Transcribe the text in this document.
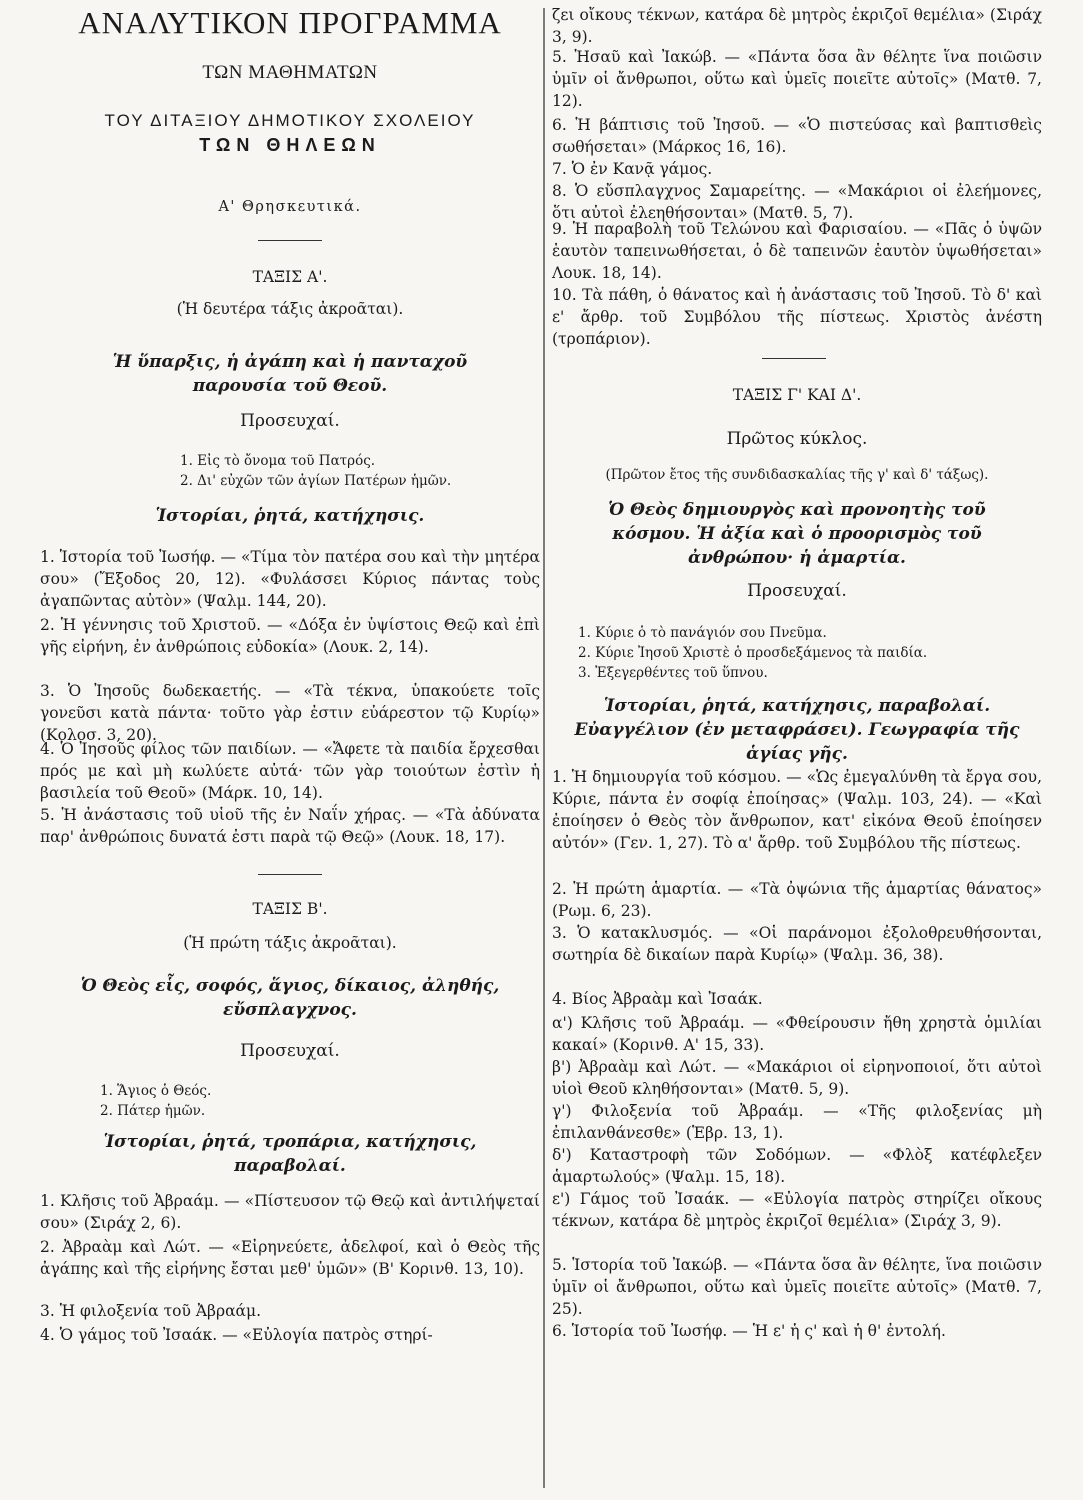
ΑΝΑΛΥΤΙΚΟΝ ΠΡΟΓΡΑΜΜΑ

ΤΩΝ ΜΑΘΗΜΑΤΩΝ

ΤΟΥ ΔΙΤΑΞΙΟΥ ΔΗΜΟΤΙΚΟΥ ΣΧΟΛΕΙΟΥ

ΤΩΝ ΘΗΛΕΩΝ

Α' Θρησκευτικά.

ΤΑΞΙΣ Α'.

(Ἡ δευτέρα τάξις ἀκροᾶται).

Ἡ ὕπαρξις, ἡ ἀγάπη καὶ ἡ πανταχοῦ παρουσία τοῦ Θεοῦ.

Προσευχαί.

1. Εἰς τὸ ὄνομα τοῦ Πατρός.

2. Δι' εὐχῶν τῶν ἁγίων Πατέρων ἡμῶν.

Ἱστορίαι, ῥητά, κατήχησις.

1. Ἱστορία τοῦ Ἰωσήφ. — «Τίμα τὸν πατέρα σου καὶ τὴν μητέρα σου» (Ἔξοδος 20, 12). «Φυλάσσει Κύριος πάντας τοὺς ἀγαπῶντας αὐτὸν» (Ψαλμ. 144, 20).

2. Ἡ γέννησις τοῦ Χριστοῦ. — «Δόξα ἐν ὑψίστοις Θεῷ καὶ ἐπὶ γῆς εἰρήνη, ἐν ἀνθρώποις εὐδοκία» (Λουκ. 2, 14).

3. Ὁ Ἰησοῦς δωδεκαετής. — «Τὰ τέκνα, ὑπακούετε τοῖς γονεῦσι κατὰ πάντα· τοῦτο γὰρ ἐστιν εὐάρεστον τῷ Κυρίῳ» (Κολοσ. 3, 20).

4. Ὁ Ἰησοῦς φίλος τῶν παιδίων. — «Ἄφετε τὰ παιδία ἔρχεσθαι πρός με καὶ μὴ κωλύετε αὐτά· τῶν γὰρ τοιούτων ἐστὶν ἡ βασιλεία τοῦ Θεοῦ» (Μάρκ. 10, 14).

5. Ἡ ἀνάστασις τοῦ υἱοῦ τῆς ἐν Ναΐν χήρας. — «Τὰ ἀδύνατα παρ' ἀνθρώποις δυνατά ἐστι παρὰ τῷ Θεῷ» (Λουκ. 18, 17).

ΤΑΞΙΣ Β'.

(Ἡ πρώτη τάξις ἀκροᾶται).

Ὁ Θεὸς εἷς, σοφός, ἅγιος, δίκαιος, ἀληθής, εὔσπλαγχνος.

Προσευχαί.

1. Ἅγιος ὁ Θεός.

2. Πάτερ ἡμῶν.

Ἱστορίαι, ῥητά, τροπάρια, κατήχησις, παραβολαί.

1. Κλῆσις τοῦ Ἀβραάμ. — «Πίστευσον τῷ Θεῷ καὶ ἀντιλήψεταί σου» (Σιράχ 2, 6).

2. Ἀβραὰμ καὶ Λώτ. — «Εἰρηνεύετε, ἀδελφοί, καὶ ὁ Θεὸς τῆς ἀγάπης καὶ τῆς εἰρήνης ἔσται μεθ' ὑμῶν» (Β' Κορινθ. 13, 10).

3. Ἡ φιλοξενία τοῦ Ἀβραάμ.

4. Ὁ γάμος τοῦ Ἰσαάκ. — «Εὐλογία πατρὸς στηρί-

ζει οἴκους τέκνων, κατάρα δὲ μητρὸς ἐκριζοῖ θεμέλια» (Σιράχ 3, 9).

5. Ἡσαῦ καὶ Ἰακώβ. — «Πάντα ὅσα ἂν θέλητε ἵνα ποιῶσιν ὑμῖν οἱ ἄνθρωποι, οὕτω καὶ ὑμεῖς ποιεῖτε αὐτοῖς» (Ματθ. 7, 12).

6. Ἡ βάπτισις τοῦ Ἰησοῦ. — «Ὁ πιστεύσας καὶ βαπτισθεὶς σωθήσεται» (Μάρκος 16, 16).

7. Ὁ ἐν Κανᾷ γάμος.

8. Ὁ εὔσπλαγχνος Σαμαρείτης. — «Μακάριοι οἱ ἐλεήμονες, ὅτι αὐτοὶ ἐλεηθήσονται» (Ματθ. 5, 7).

9. Ἡ παραβολὴ τοῦ Τελώνου καὶ Φαρισαίου. — «Πᾶς ὁ ὑψῶν ἑαυτὸν ταπεινωθήσεται, ὁ δὲ ταπεινῶν ἑαυτὸν ὑψωθήσεται» Λουκ. 18, 14).

10. Τὰ πάθη, ὁ θάνατος καὶ ἡ ἀνάστασις τοῦ Ἰησοῦ. Τὸ δ' καὶ ε' ἄρθρ. τοῦ Συμβόλου τῆς πίστεως. Χριστὸς ἀνέστη (τροπάριον).

ΤΑΞΙΣ Γ' ΚΑΙ Δ'.

Πρῶτος κύκλος.

(Πρῶτον ἔτος τῆς συνδιδασκαλίας τῆς γ' καὶ δ' τάξως).

Ὁ Θεὸς δημιουργὸς καὶ προνοητὴς τοῦ κόσμου. Ἡ ἀξία καὶ ὁ προορισμὸς τοῦ ἀνθρώπου· ἡ ἁμαρτία.

Προσευχαί.

1. Κύριε ὁ τὸ πανάγιόν σου Πνεῦμα.

2. Κύριε Ἰησοῦ Χριστὲ ὁ προσδεξάμενος τὰ παιδία.

3. Ἐξεγερθέντες τοῦ ὕπνου.

Ἱστορίαι, ῥητά, κατήχησις, παραβολαί. Εὐαγγέλιον (ἐν μεταφράσει). Γεωγραφία τῆς ἁγίας γῆς.

1. Ἡ δημιουργία τοῦ κόσμου. — «Ὡς ἐμεγαλύνθη τὰ ἔργα σου, Κύριε, πάντα ἐν σοφίᾳ ἐποίησας» (Ψαλμ. 103, 24). — «Καὶ ἐποίησεν ὁ Θεὸς τὸν ἄνθρωπον, κατ' εἰκόνα Θεοῦ ἐποίησεν αὐτόν» (Γεν. 1, 27). Τὸ α' ἄρθρ. τοῦ Συμβόλου τῆς πίστεως.

2. Ἡ πρώτη ἁμαρτία. — «Τὰ ὀψώνια τῆς ἁμαρτίας θάνατος» (Ρωμ. 6, 23).

3. Ὁ κατακλυσμός. — «Οἱ παράνομοι ἐξολοθρευθήσονται, σωτηρία δὲ δικαίων παρὰ Κυρίῳ» (Ψαλμ. 36, 38).

4. Βίος Ἀβραὰμ καὶ Ἰσαάκ.

α') Κλῆσις τοῦ Ἀβραάμ. — «Φθείρουσιν ἤθη χρηστὰ ὁμιλίαι κακαί» (Κορινθ. Α' 15, 33).

β') Ἀβραὰμ καὶ Λώτ. — «Μακάριοι οἱ εἰρηνοποιοί, ὅτι αὐτοὶ υἱοὶ Θεοῦ κληθήσονται» (Ματθ. 5, 9).

γ') Φιλοξενία τοῦ Ἀβραάμ. — «Τῆς φιλοξενίας μὴ ἐπιλανθάνεσθε» (Ἑβρ. 13, 1).

δ') Καταστροφὴ τῶν Σοδόμων. — «Φλὸξ κατέφλεξεν ἁμαρτωλούς» (Ψαλμ. 15, 18).

ε') Γάμος τοῦ Ἰσαάκ. — «Εὐλογία πατρὸς στηρίζει οἴκους τέκνων, κατάρα δὲ μητρὸς ἐκριζοῖ θεμέλια» (Σιράχ 3, 9).

5. Ἱστορία τοῦ Ἰακώβ. — «Πάντα ὅσα ἂν θέλητε, ἵνα ποιῶσιν ὑμῖν οἱ ἄνθρωποι, οὕτω καὶ ὑμεῖς ποιεῖτε αὐτοῖς» (Ματθ. 7, 25).

6. Ἱστορία τοῦ Ἰωσήφ. — Ἡ ε' ἡ ς' καὶ ἡ θ' ἐντολή.
